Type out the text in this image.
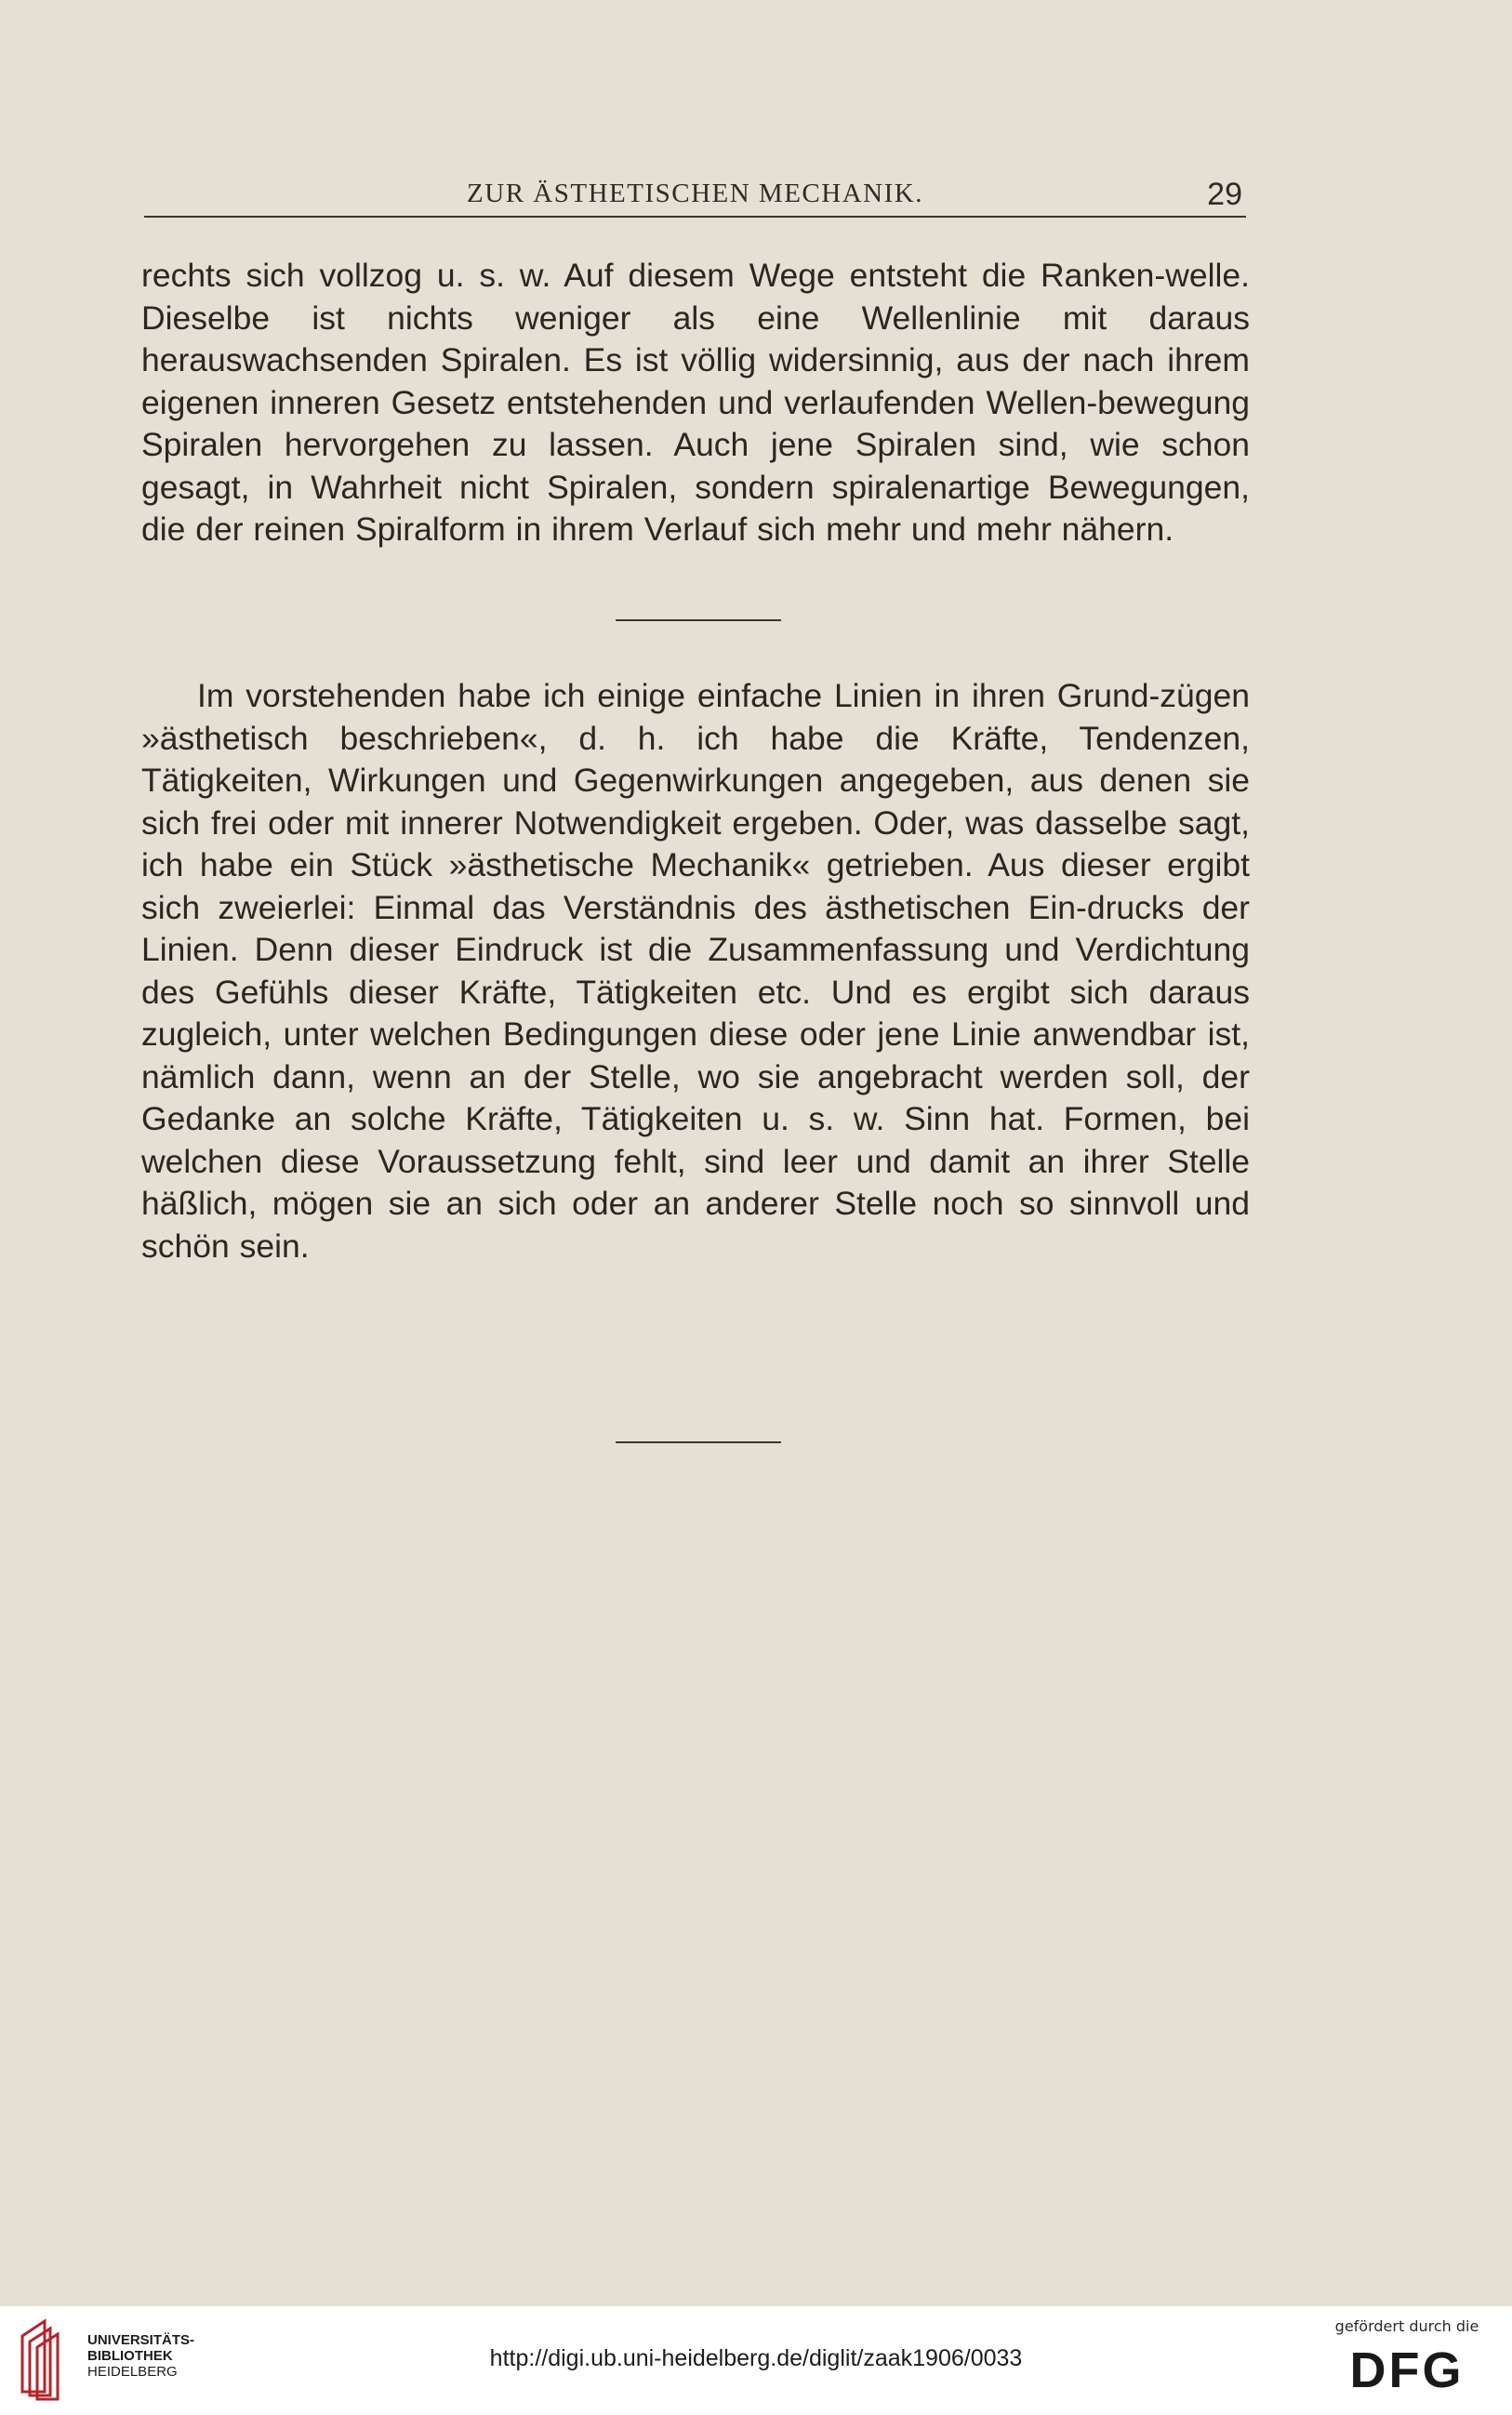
ZUR ÄSTHETISCHEN MECHANIK.	29

rechts sich vollzog u. s. w. Auf diesem Wege entsteht die Ranken-welle. Dieselbe ist nichts weniger als eine Wellenlinie mit daraus herauswachsenden Spiralen. Es ist völlig widersinnig, aus der nach ihrem eigenen inneren Gesetz entstehenden und verlaufenden Wellen-bewegung Spiralen hervorgehen zu lassen. Auch jene Spiralen sind, wie schon gesagt, in Wahrheit nicht Spiralen, sondern spiralenartige Bewegungen, die der reinen Spiralform in ihrem Verlauf sich mehr und mehr nähern.

Im vorstehenden habe ich einige einfache Linien in ihren Grund-zügen »ästhetisch beschrieben«, d. h. ich habe die Kräfte, Tendenzen, Tätigkeiten, Wirkungen und Gegenwirkungen angegeben, aus denen sie sich frei oder mit innerer Notwendigkeit ergeben. Oder, was dasselbe sagt, ich habe ein Stück »ästhetische Mechanik« getrieben. Aus dieser ergibt sich zweierlei: Einmal das Verständnis des ästhetischen Ein-drucks der Linien. Denn dieser Eindruck ist die Zusammenfassung und Verdichtung des Gefühls dieser Kräfte, Tätigkeiten etc. Und es ergibt sich daraus zugleich, unter welchen Bedingungen diese oder jene Linie anwendbar ist, nämlich dann, wenn an der Stelle, wo sie angebracht werden soll, der Gedanke an solche Kräfte, Tätigkeiten u. s. w. Sinn hat. Formen, bei welchen diese Voraussetzung fehlt, sind leer und damit an ihrer Stelle häßlich, mögen sie an sich oder an anderer Stelle noch so sinnvoll und schön sein.

UNIVERSITÄTS-
BIBLIOTHEK
HEIDELBERG
http://digi.ub.uni-heidelberg.de/diglit/zaak1906/0033
gefördert durch die
DFG
